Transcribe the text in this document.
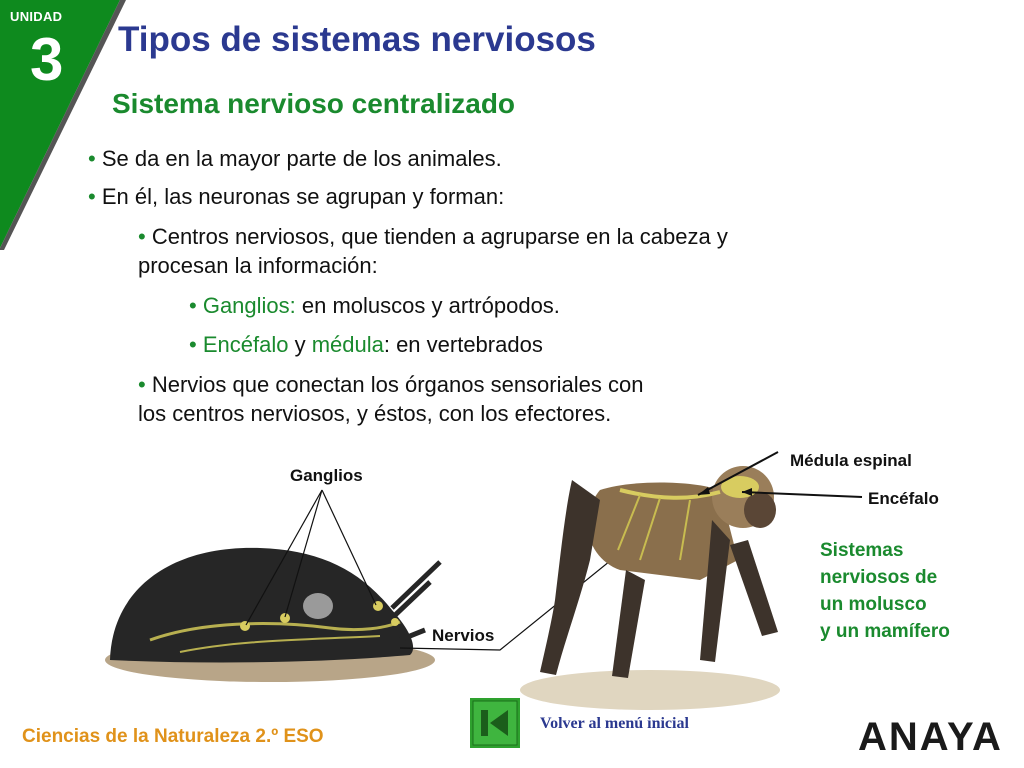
UNIDAD
3 Tipos de sistemas nerviosos
Sistema nervioso centralizado
• Se da en la mayor parte de los animales.
• En él, las neuronas se agrupan y forman:
• Centros nerviosos, que tienden a agruparse en la cabeza y
procesan la información:
• Ganglios: en moluscos y artrópodos.
• Encéfalo y médula: en vertebrados
• Nervios que conectan los órganos sensoriales con
los centros nerviosos, y éstos, con los efectores.
Ganglios
Nervios
Médula espinal
Encéfalo
Sistemas
nerviosos de
un molusco
y un mamífero
Ciencias de la Naturaleza 2.º ESO
Volver al menú inicial	ANAYA
